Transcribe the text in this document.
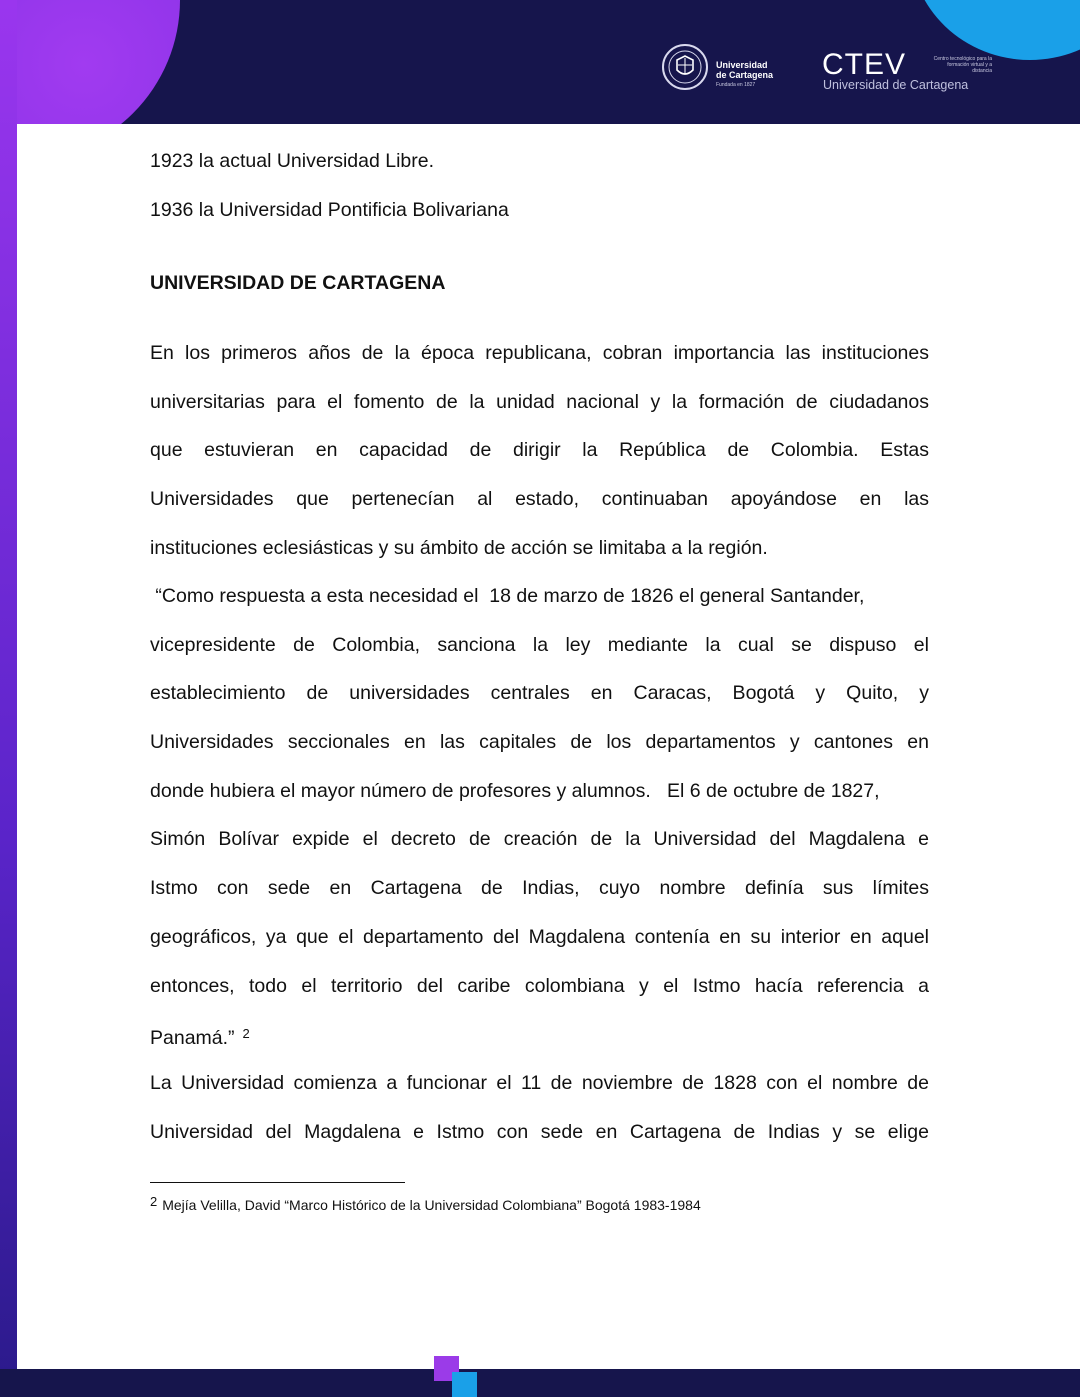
Universidad
de Cartagena
Fundada en 1827
CTEV	Centro tecnológico para la formación virtual y a distancia
Universidad de Cartagena
1923 la actual Universidad Libre.
1936 la Universidad Pontificia Bolivariana
UNIVERSIDAD DE CARTAGENA
En los primeros años de la época republicana, cobran importancia las instituciones
universitarias para el fomento de la unidad nacional y la formación de ciudadanos
que estuvieran en capacidad de dirigir la República de Colombia. Estas
Universidades que pertenecían al estado, continuaban apoyándose en las
instituciones eclesiásticas y su ámbito de acción se limitaba a la región.
“Como respuesta a esta necesidad el  18 de marzo de 1826 el general Santander,
vicepresidente de Colombia, sanciona la ley mediante la cual se dispuso el
establecimiento de universidades centrales en Caracas, Bogotá y Quito, y
Universidades seccionales en las capitales de los departamentos y cantones en
donde hubiera el mayor número de profesores y alumnos.   El 6 de octubre de 1827,
Simón Bolívar expide el decreto de creación de la Universidad del Magdalena e
Istmo con sede en Cartagena de Indias, cuyo nombre definía sus límites
geográficos, ya que el departamento del Magdalena contenía en su interior en aquel
entonces, todo el territorio del caribe colombiana y el Istmo hacía referencia a
Panamá.” $^2$
La Universidad comienza a funcionar el 11 de noviembre de 1828 con el nombre de
Universidad del Magdalena e Istmo con sede en Cartagena de Indias y se elige
2 Mejía Velilla, David “Marco Histórico de la Universidad Colombiana” Bogotá 1983-1984
